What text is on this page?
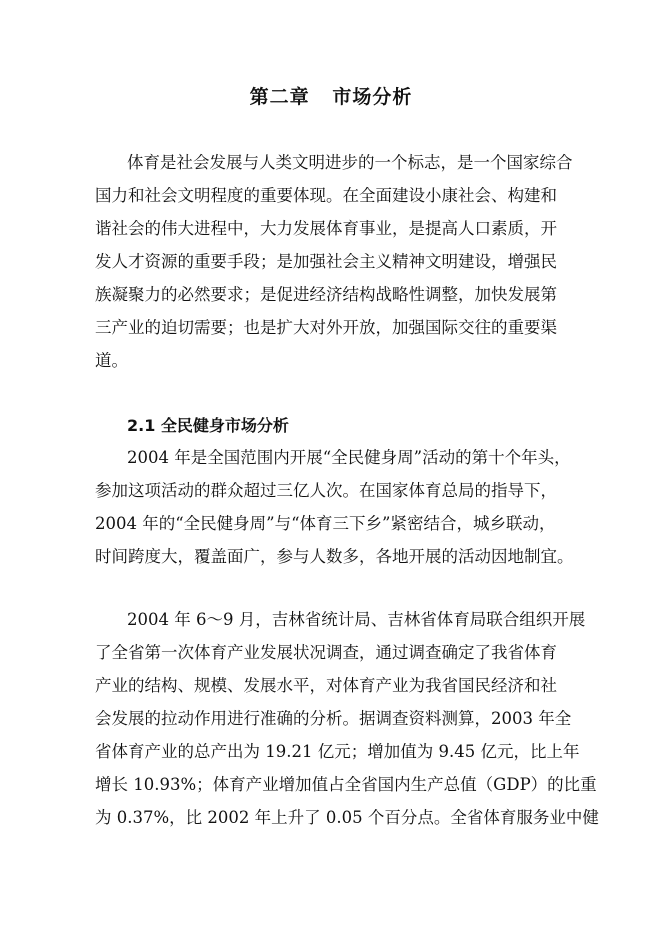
第二章   市场分析
体育是社会发展与人类文明进步的一个标志，是一个国家综合
国力和社会文明程度的重要体现。在全面建设小康社会、构建和
谐社会的伟大进程中，大力发展体育事业，是提高人口素质，开
发人才资源的重要手段；是加强社会主义精神文明建设，增强民
族凝聚力的必然要求；是促进经济结构战略性调整，加快发展第
三产业的迫切需要；也是扩大对外开放，加强国际交往的重要渠
道。
2.1 全民健身市场分析
2004 年是全国范围内开展“全民健身周”活动的第十个年头，
参加这项活动的群众超过三亿人次。在国家体育总局的指导下，
2004 年的“全民健身周”与“体育三下乡”紧密结合，城乡联动，
时间跨度大，覆盖面广，参与人数多，各地开展的活动因地制宜。
2004 年 6～9 月，吉林省统计局、吉林省体育局联合组织开展
了全省第一次体育产业发展状况调查，通过调查确定了我省体育
产业的结构、规模、发展水平，对体育产业为我省国民经济和社
会发展的拉动作用进行准确的分析。据调查资料测算，2003 年全
省体育产业的总产出为 19.21 亿元；增加值为 9.45 亿元，比上年
增长 10.93%；体育产业增加值占全省国内生产总值（GDP）的比重
为 0.37%，比 2002 年上升了 0.05 个百分点。全省体育服务业中健
